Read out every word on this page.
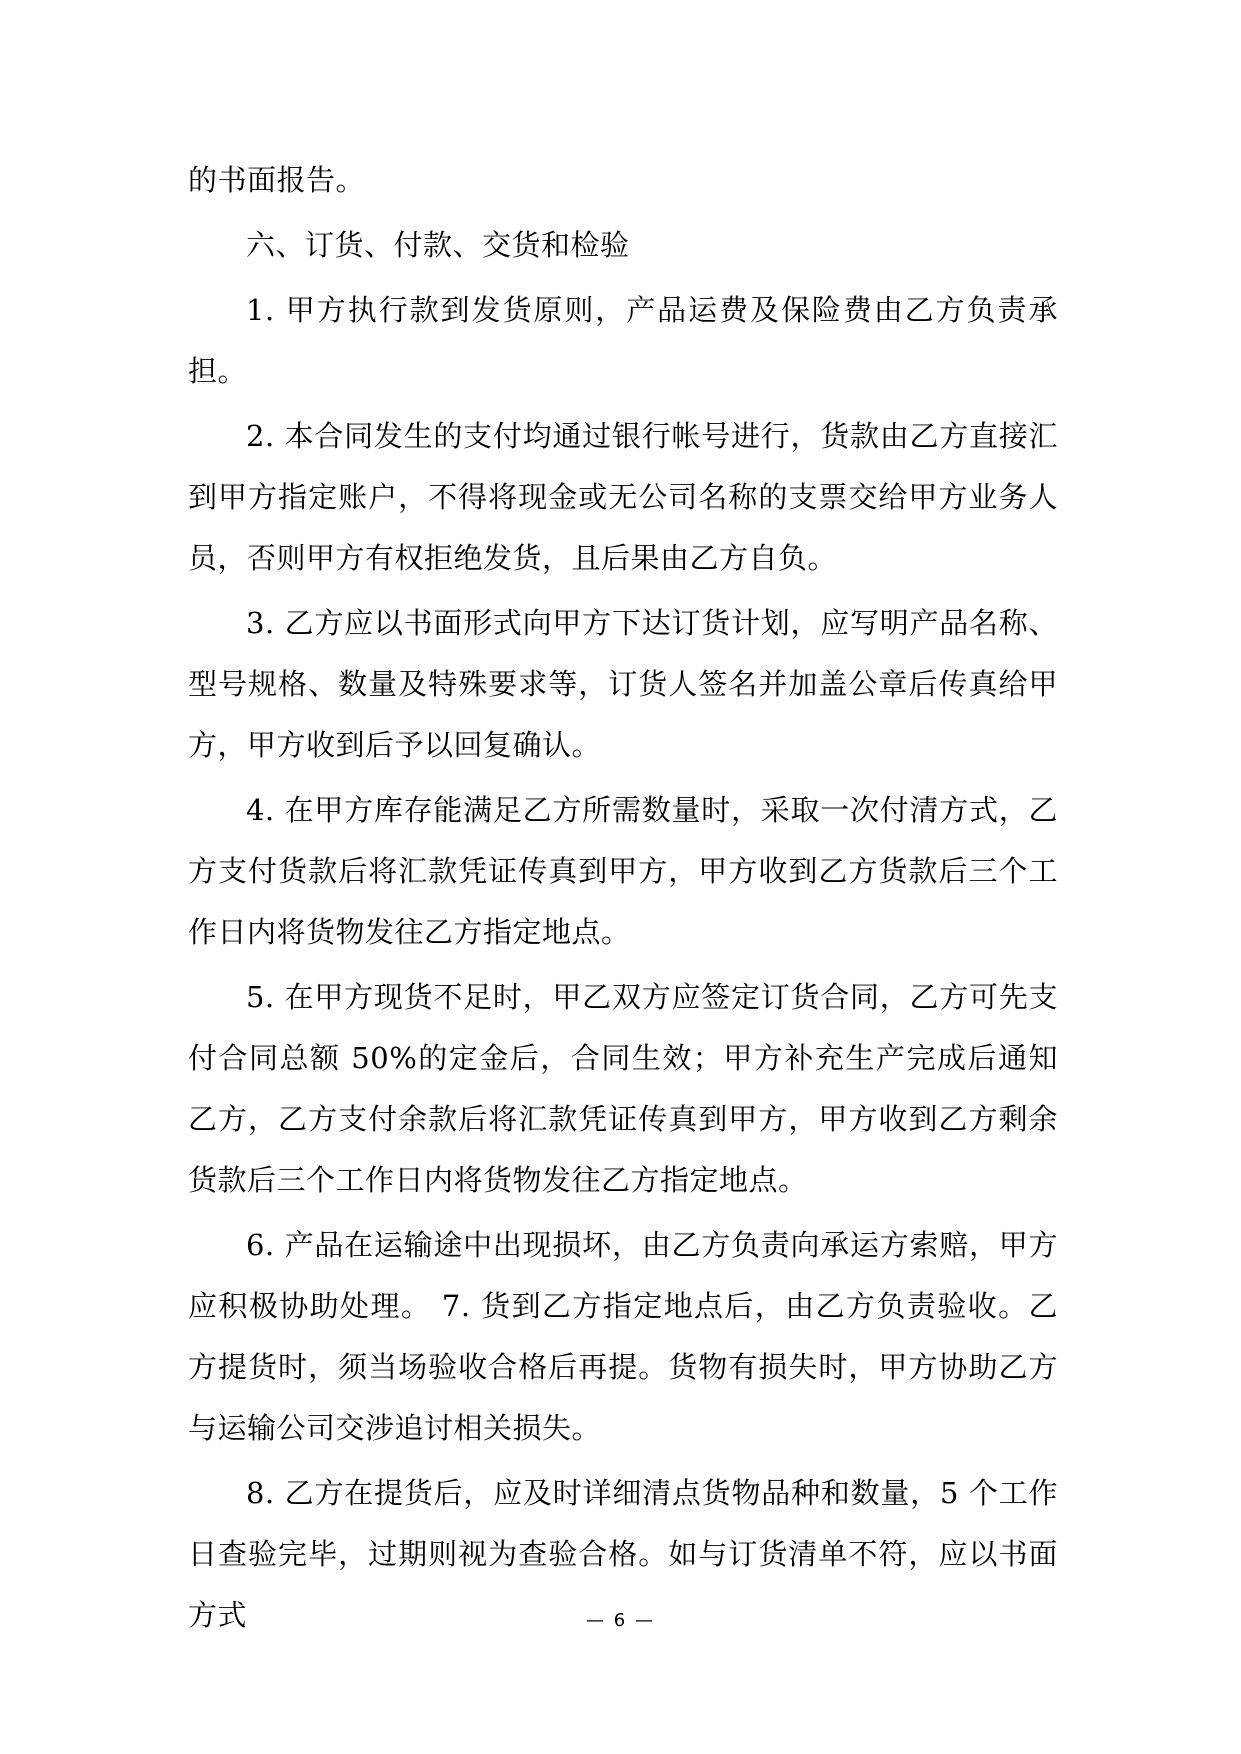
的书面报告。

六、订货、付款、交货和检验

1. 甲方执行款到发货原则，产品运费及保险费由乙方负责承担。

2. 本合同发生的支付均通过银行帐号进行，货款由乙方直接汇到甲方指定账户，不得将现金或无公司名称的支票交给甲方业务人员，否则甲方有权拒绝发货，且后果由乙方自负。

3. 乙方应以书面形式向甲方下达订货计划，应写明产品名称、型号规格、数量及特殊要求等，订货人签名并加盖公章后传真给甲方，甲方收到后予以回复确认。

4. 在甲方库存能满足乙方所需数量时，采取一次付清方式，乙方支付货款后将汇款凭证传真到甲方，甲方收到乙方货款后三个工作日内将货物发往乙方指定地点。

5. 在甲方现货不足时，甲乙双方应签定订货合同，乙方可先支付合同总额 50%的定金后，合同生效；甲方补充生产完成后通知乙方，乙方支付余款后将汇款凭证传真到甲方，甲方收到乙方剩余货款后三个工作日内将货物发往乙方指定地点。

6. 产品在运输途中出现损坏，由乙方负责向承运方索赔，甲方应积极协助处理。 7. 货到乙方指定地点后，由乙方负责验收。乙方提货时，须当场验收合格后再提。货物有损失时，甲方协助乙方与运输公司交涉追讨相关损失。

8. 乙方在提货后，应及时详细清点货物品种和数量，5 个工作日查验完毕，过期则视为查验合格。如与订货清单不符，应以书面方式	— 6 —
